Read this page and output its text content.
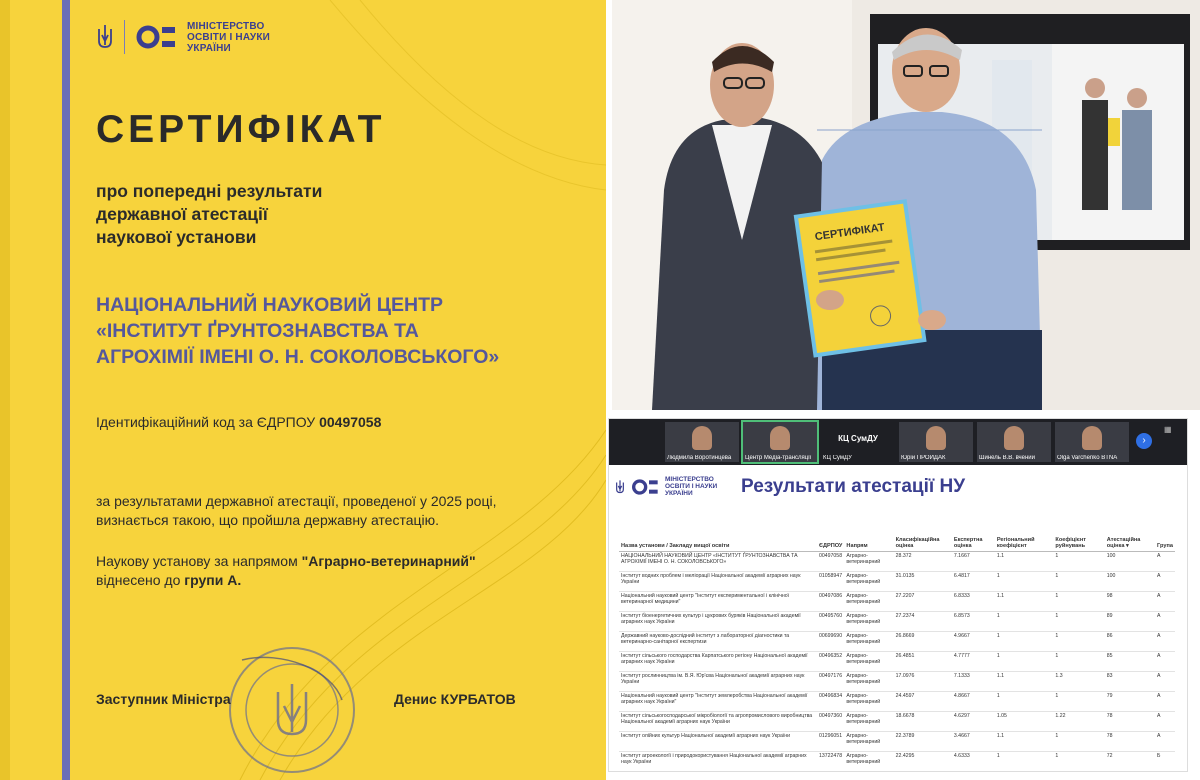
МІНІСТЕРСТВО ОСВІТИ І НАУКИ УКРАЇНИ
СЕРТИФІКАТ
про попередні результати
державної атестації
наукової установи
НАЦІОНАЛЬНИЙ НАУКОВИЙ ЦЕНТР
«ІНСТИТУТ ҐРУНТОЗНАВСТВА ТА
АГРОХІМІЇ ІМЕНІ О. Н. СОКОЛОВСЬКОГО»
Ідентифікаційний код за ЄДРПОУ 00497058
за результатами державної атестації, проведеної у 2025 році,
визнається такою, що пройшла державну атестацію.
Наукову установу за напрямом "Аграрно-ветеринарний"
віднесено до групи А.
Заступник Міністра	Денис КУРБАТОВ
СЕРТИФІКАТ
Людмила Воротинцева	Центр Медіа-трансляції
КЦ СумДУ
КЦ СумДУ	Юрій ПРОЙДАК	Шинель В.В. вчений	Olga Varchenko BTNA
›
▦
МІНІСТЕРСТВО ОСВІТИ І НАУКИ УКРАЇНИ	Результати атестації НУ
Назва установи / Закладу вищої освіти	ЄДРПОУ	Напрям	Класифікаційна оцінка	Експертна оцінка	Регіональний коефіцієнт	Коефіцієнт руйнувань	Атестаційна оцінка ▾	Група
НАЦІОНАЛЬНИЙ НАУКОВИЙ ЦЕНТР «ІНСТИТУТ ҐРУНТОЗНАВСТВА ТА АГРОХІМІЇ ІМЕНІ О. Н. СОКОЛОВСЬКОГО»	00497058	Аграрно-ветеринарний	28.372	7.1667	1.1	1	100	А
Інститут водних проблем і меліорації Національної академії аграрних наук України	01058947	Аграрно-ветеринарний	31.0135	6.4817	1	1	100	А
Національний науковий центр "Інститут експериментальної і клінічної ветеринарної медицини"	00497086	Аграрно-ветеринарний	27.2207	6.8333	1.1	1	98	А
Інститут біоенергетичних культур і цукрових буряків Національної академії аграрних наук України	00495760	Аграрно-ветеринарний	27.2374	6.8573	1	1	89	А
Державний науково-дослідний інститут з лабораторної діагностики та ветеринарно-санітарної експертизи	00699690	Аграрно-ветеринарний	26.8669	4.9667	1	1	86	А
Інститут сільського господарства Карпатського регіону Національної академії аграрних наук України	00496352	Аграрно-ветеринарний	26.4851	4.7777	1	1	85	А
Інститут рослинництва ім. В.Я. Юр'єва Національної академії аграрних наук України	00497176	Аграрно-ветеринарний	17.0976	7.1333	1.1	1.3	83	А
Національний науковий центр "Інститут землеробства Національної академії аграрних наук України"	00496834	Аграрно-ветеринарний	24.4597	4.8667	1	1	79	А
Інститут сільськогосподарської мікробіології та агропромислового виробництва Національної академії аграрних наук України	00497360	Аграрно-ветеринарний	18.6678	4.6297	1.05	1.22	78	А
Інститут олійних культур Національної академії аграрних наук України	01296051	Аграрно-ветеринарний	22.3789	3.4667	1.1	1	78	А
Інститут агроекології і природокористування Національної академії аграрних наук України	13722478	Аграрно-ветеринарний	22.4295	4.6333	1	1	72	Б
